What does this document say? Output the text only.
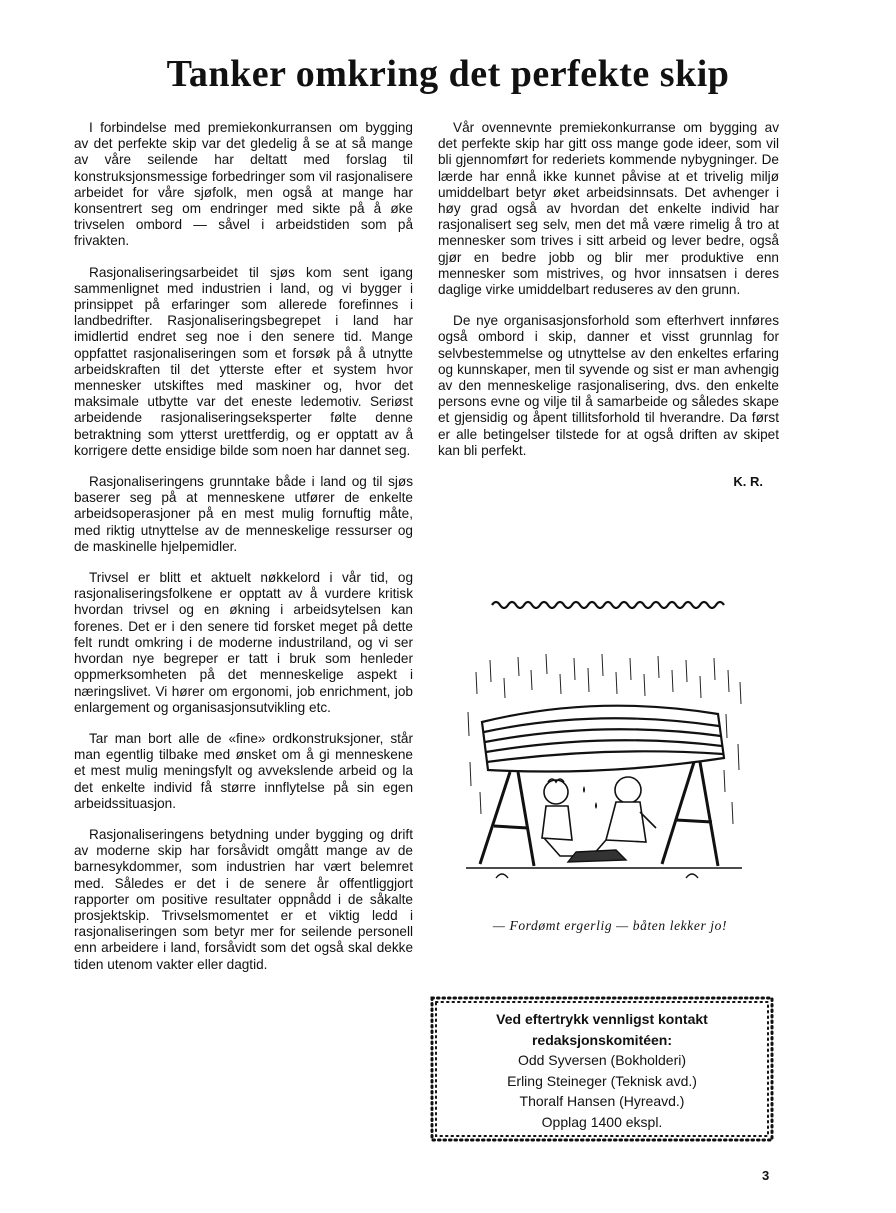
Tanker omkring det perfekte skip

I forbindelse med premiekonkurransen om bygging av det perfekte skip var det gledelig å se at så mange av våre seilende har deltatt med forslag til konstruksjonsmessige forbedringer som vil rasjonalisere arbeidet for våre sjøfolk, men også at mange har konsentrert seg om endringer med sikte på å øke trivselen ombord — såvel i arbeidstiden som på frivakten.

Rasjonaliseringsarbeidet til sjøs kom sent igang sammenlignet med industrien i land, og vi bygger i prinsippet på erfaringer som allerede forefinnes i landbedrifter. Rasjonaliseringsbegrepet i land har imidlertid endret seg noe i den senere tid. Mange oppfattet rasjonaliseringen som et forsøk på å utnytte arbeidskraften til det ytterste efter et system hvor mennesker utskiftes med maskiner og, hvor det maksimale utbytte var det eneste ledemotiv. Seriøst arbeidende rasjonaliseringseksperter følte denne betraktning som ytterst urettferdig, og er opptatt av å korrigere dette ensidige bilde som noen har dannet seg.

Rasjonaliseringens grunntake både i land og til sjøs baserer seg på at menneskene utfører de enkelte arbeidsoperasjoner på en mest mulig fornuftig måte, med riktig utnyttelse av de menneskelige ressurser og de maskinelle hjelpemidler.

Trivsel er blitt et aktuelt nøkkelord i vår tid, og rasjonaliseringsfolkene er opptatt av å vurdere kritisk hvordan trivsel og en økning i arbeidsytelsen kan forenes. Det er i den senere tid forsket meget på dette felt rundt omkring i de moderne industriland, og vi ser hvordan nye begreper er tatt i bruk som henleder oppmerksomheten på det menneskelige aspekt i næringslivet. Vi hører om ergonomi, job enrichment, job enlargement og organisasjonsutvikling etc.

Tar man bort alle de «fine» ordkonstruksjoner, står man egentlig tilbake med ønsket om å gi menneskene et mest mulig meningsfylt og avvekslende arbeid og la det enkelte individ få større innflytelse på sin egen arbeidssituasjon.

Rasjonaliseringens betydning under bygging og drift av moderne skip har forsåvidt omgått mange av de barnesykdommer, som industrien har vært belemret med. Således er det i de senere år offentliggjort rapporter om positive resultater oppnådd i de såkalte prosjektskip. Trivselsmomentet er et viktig ledd i rasjonaliseringen som betyr mer for seilende personell enn arbeidere i land, forsåvidt som det også skal dekke tiden utenom vakter eller dagtid.

Vår ovennevnte premiekonkurranse om bygging av det perfekte skip har gitt oss mange gode ideer, som vil bli gjennomført for rederiets kommende nybygninger. De lærde har ennå ikke kunnet påvise at et trivelig miljø umiddelbart betyr øket arbeidsinnsats. Det avhenger i høy grad også av hvordan det enkelte individ har rasjonalisert seg selv, men det må være rimelig å tro at mennesker som trives i sitt arbeid og lever bedre, også gjør en bedre jobb og blir mer produktive enn mennesker som mistrives, og hvor innsatsen i deres daglige virke umiddelbart reduseres av den grunn.

De nye organisasjonsforhold som efterhvert innføres også ombord i skip, danner et visst grunnlag for selvbestemmelse og utnyttelse av den enkeltes erfaring og kunnskaper, men til syvende og sist er man avhengig av den menneskelige rasjonalisering, dvs. den enkelte persons evne og vilje til å samarbeide og således skape et gjensidig og åpent tillitsforhold til hverandre. Da først er alle betingelser tilstede for at også driften av skipet kan bli perfekt.

K. R.
— Fordømt ergerlig — båten lekker jo!
Ved eftertrykk vennligst kontakt
redaksjonskomitéen:
Odd Syversen (Bokholderi)
Erling Steineger (Teknisk avd.)
Thoralf Hansen (Hyreavd.)
Opplag 1400 ekspl.
3
